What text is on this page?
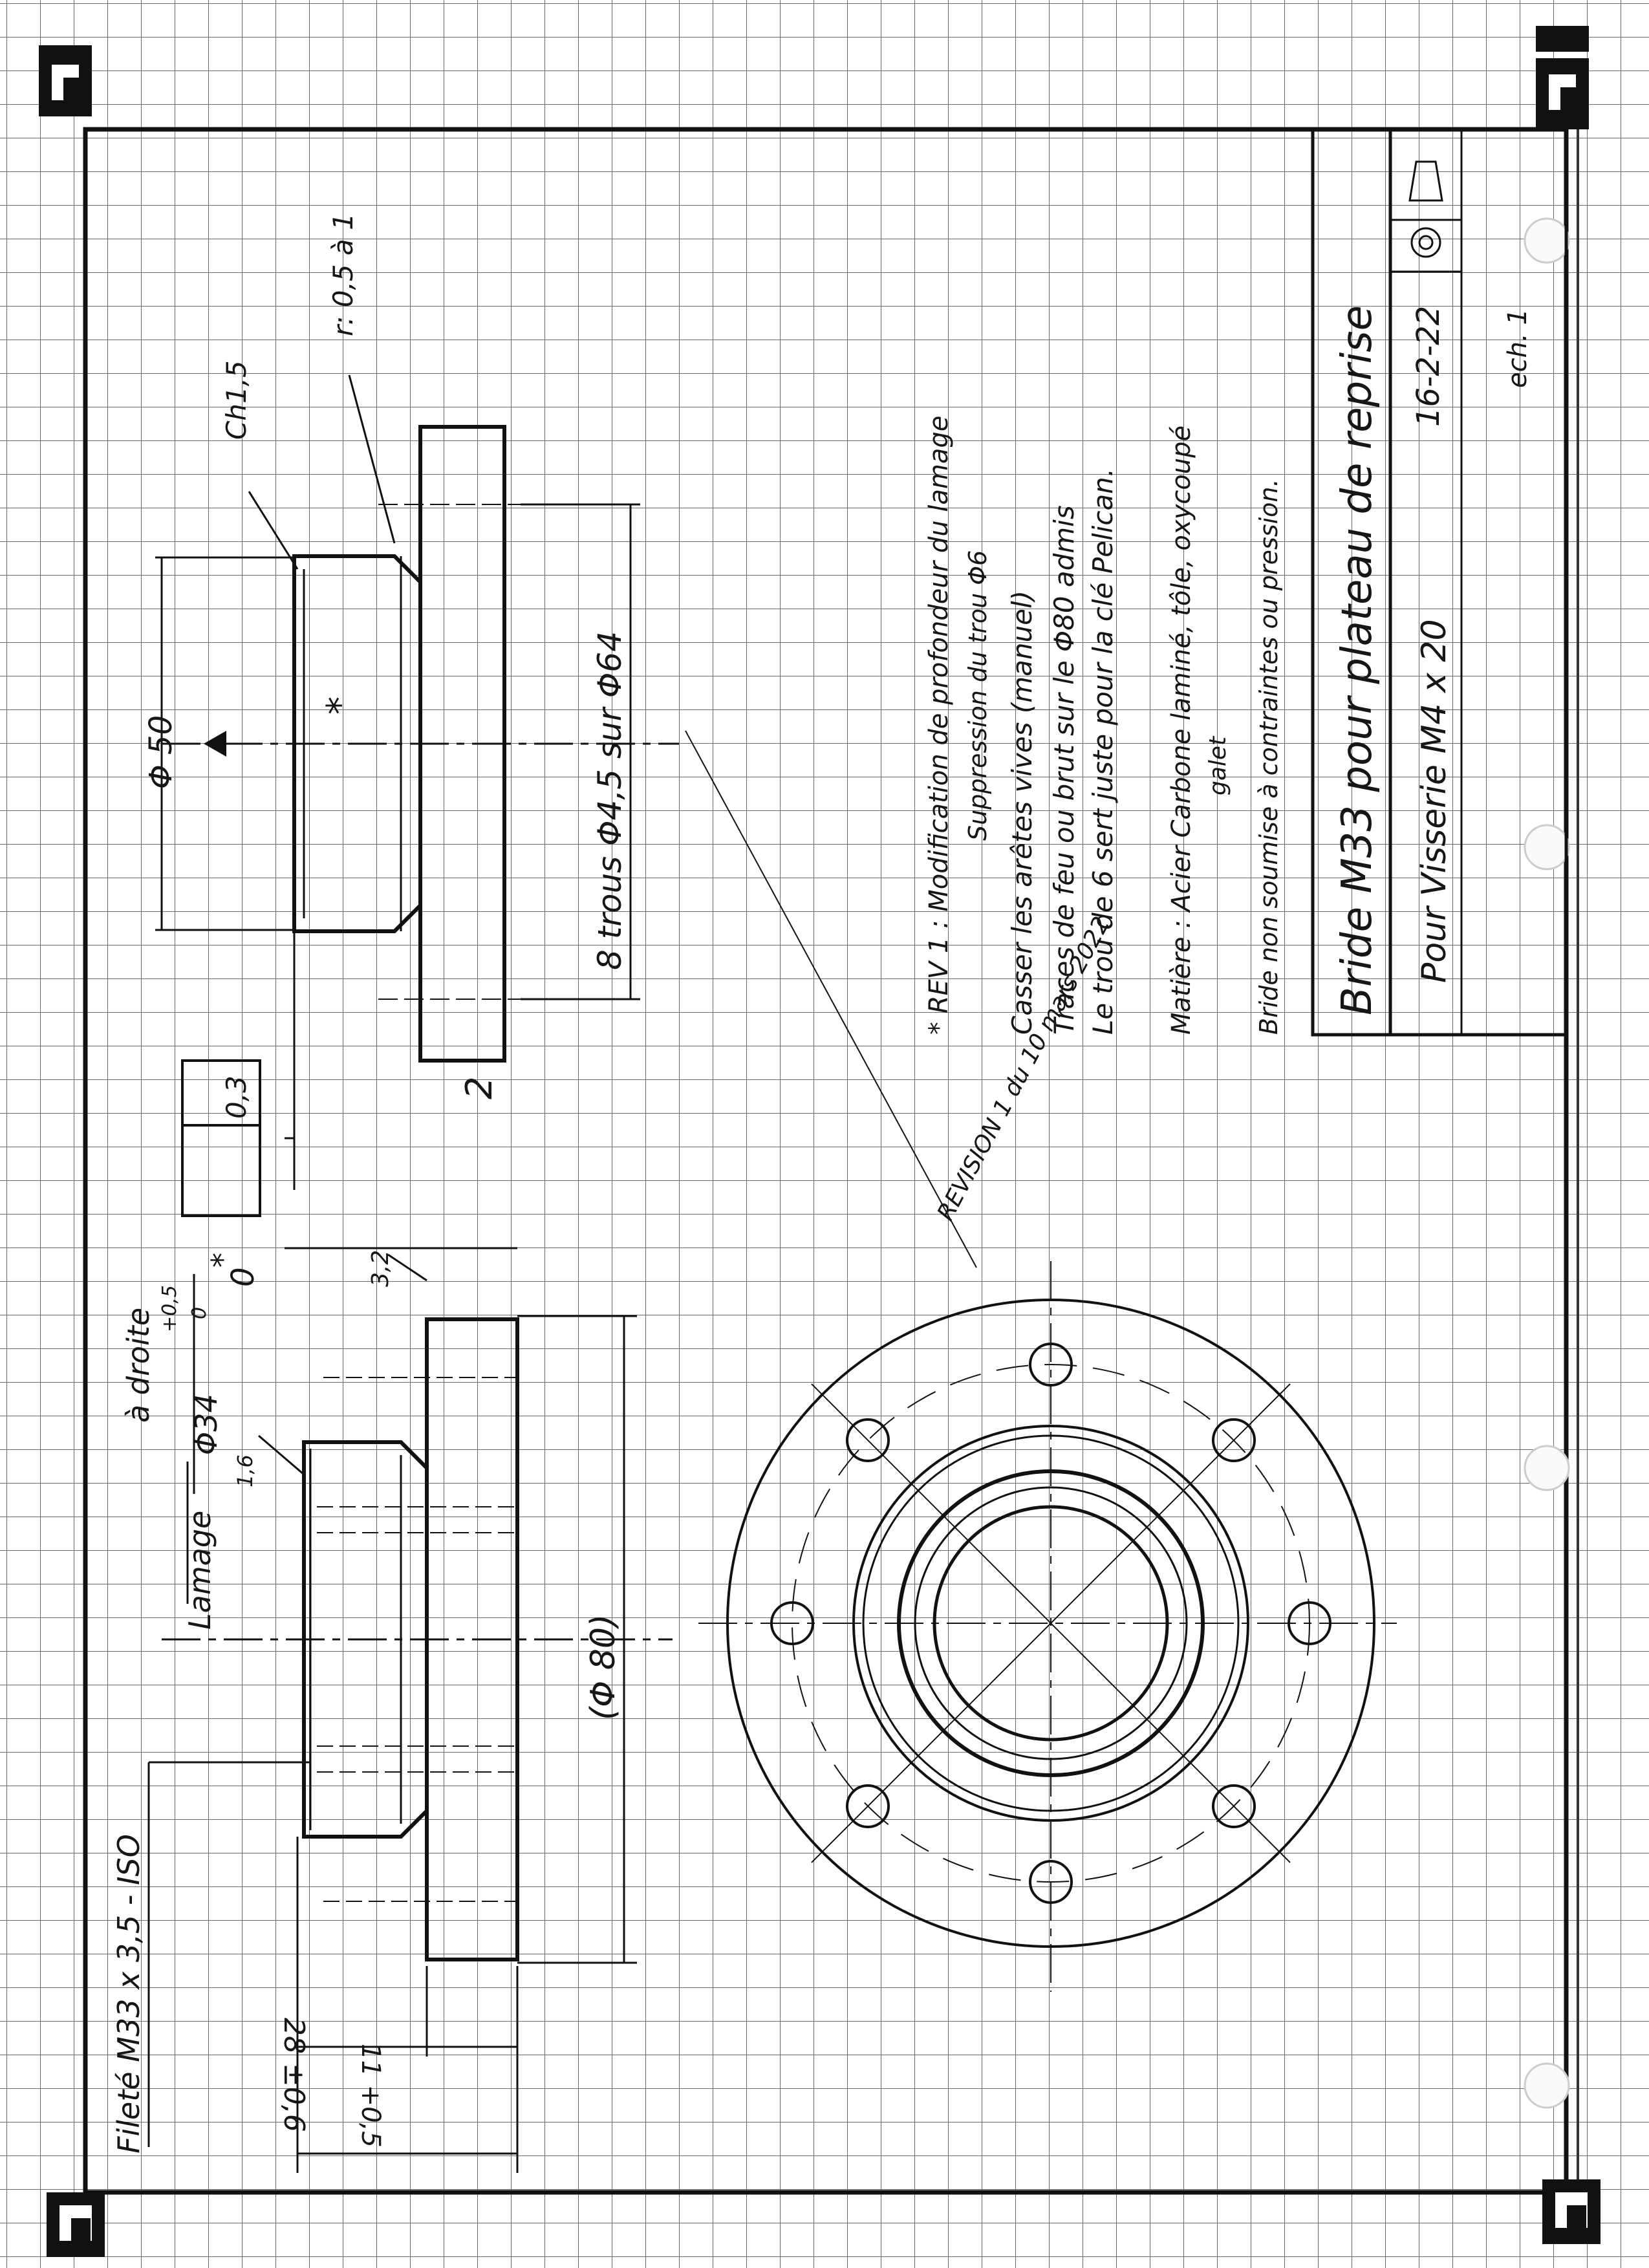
Ch1,5
r: 0,5 à 1
Φ 50	8 trous Φ4,5 sur Φ64
0,3	2
*
3,2
0
*
à droite
Φ34
+0,5 0
1,6
Lamage
Fileté M33 x 3,5 - ISO
(Φ 80)
28 ±0,6 11 +0,5
REVISION 1 du 10 mars 2022
* REV 1 : Modification de profondeur du lamage Suppression du trou Φ6 Casser les arêtes vives (manuel) Traces de feu ou brut sur le Φ80 admis Le trou de 6 sert juste pour la clé Pelican. Matière : Acier Carbone laminé, tôle, oxycoupé galet Bride non soumise à contraintes ou pression. Bride M33 pour plateau de reprise Pour Visserie M4 x 20
16-2-22 ech. 1
